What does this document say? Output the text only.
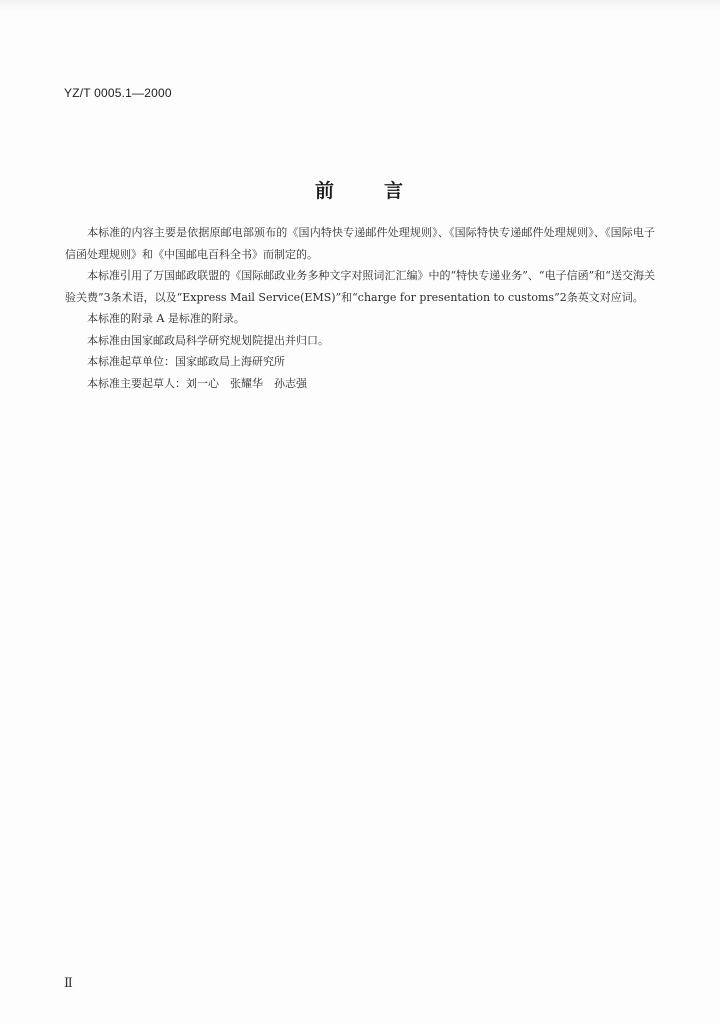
YZ/T 0005.1—2000
前言

本标准的内容主要是依据原邮电部颁布的《国内特快专递邮件处理规则》、《国际特快专递邮件处理规则》、《国际电子信函处理规则》和《中国邮电百科全书》而制定的。

本标准引用了万国邮政联盟的《国际邮政业务多种文字对照词汇汇编》中的“特快专递业务”、“电子信函”和“送交海关验关费”3条术语，以及“Express Mail Service(EMS)”和“charge for presentation to customs”2条英文对应词。

本标准的附录 A 是标准的附录。

本标准由国家邮政局科学研究规划院提出并归口。

本标准起草单位：国家邮政局上海研究所

本标准主要起草人：刘一心　张耀华　孙志强

Ⅱ
